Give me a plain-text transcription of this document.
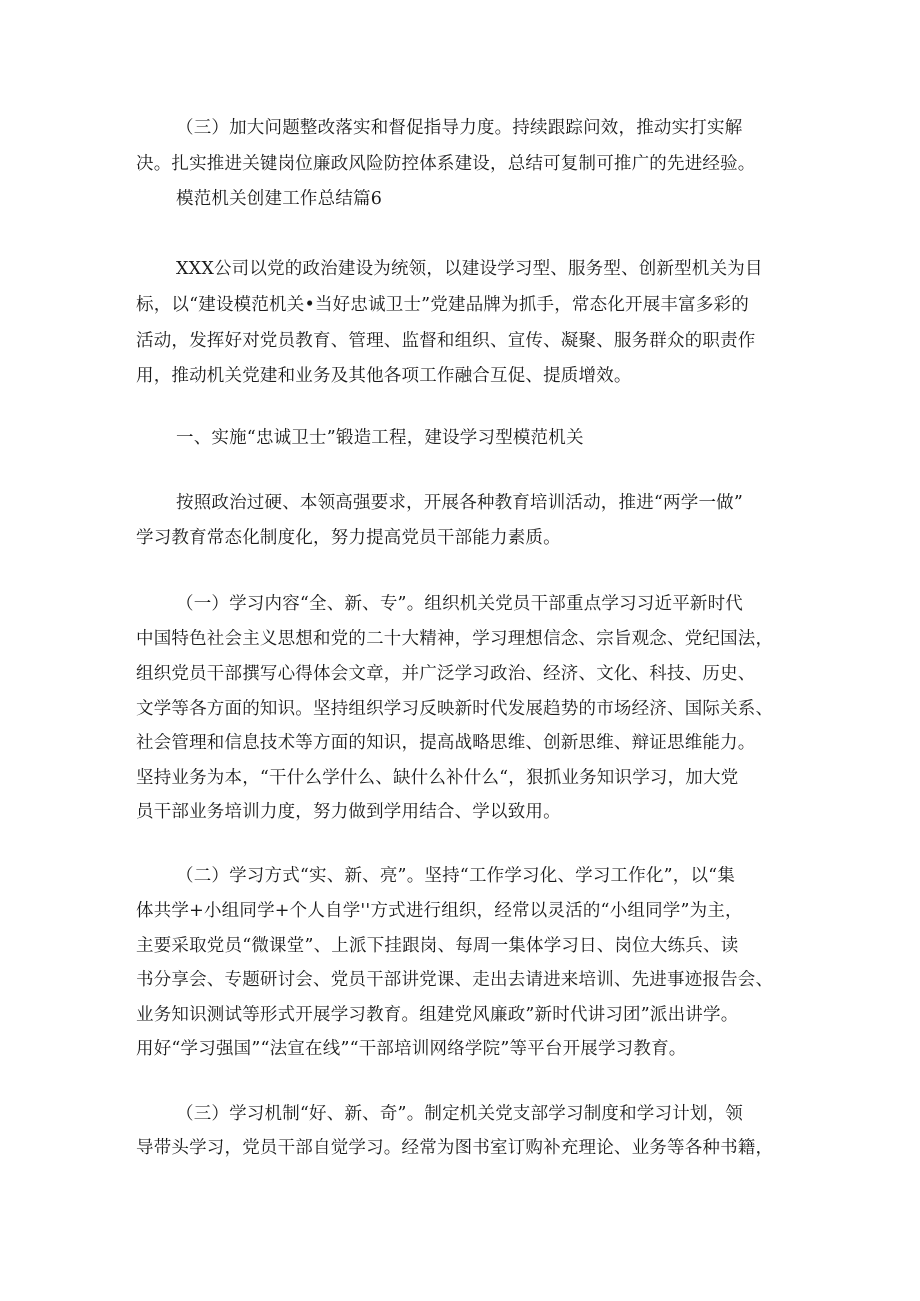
（三）加大问题整改落实和督促指导力度。持续跟踪问效，推动实打实解
决。扎实推进关键岗位廉政风险防控体系建设，总结可复制可推广的先进经验。
模范机关创建工作总结篇6
XXX公司以党的政治建设为统领，以建设学习型、服务型、创新型机关为目
标，以“建设模范机关•当好忠诚卫士”党建品牌为抓手，常态化开展丰富多彩的
活动，发挥好对党员教育、管理、监督和组织、宣传、凝聚、服务群众的职责作
用，推动机关党建和业务及其他各项工作融合互促、提质增效。
一、实施“忠诚卫士”锻造工程，建设学习型模范机关
按照政治过硬、本领高强要求，开展各种教育培训活动，推进“两学一做”
学习教育常态化制度化，努力提高党员干部能力素质。
（一）学习内容“全、新、专”。组织机关党员干部重点学习习近平新时代
中国特色社会主义思想和党的二十大精神，学习理想信念、宗旨观念、党纪国法，
组织党员干部撰写心得体会文章，并广泛学习政治、经济、文化、科技、历史、
文学等各方面的知识。坚持组织学习反映新时代发展趋势的市场经济、国际关系、
社会管理和信息技术等方面的知识，提高战略思维、创新思维、辩证思维能力。
坚持业务为本，“干什么学什么、缺什么补什么“，狠抓业务知识学习，加大党
员干部业务培训力度，努力做到学用结合、学以致用。
（二）学习方式“实、新、亮”。坚持“工作学习化、学习工作化”，以“集
体共学+小组同学+个人自学''方式进行组织，经常以灵活的“小组同学”为主，
主要采取党员“微课堂”、上派下挂跟岗、每周一集体学习日、岗位大练兵、读
书分享会、专题研讨会、党员干部讲党课、走出去请进来培训、先进事迹报告会、
业务知识测试等形式开展学习教育。组建党风廉政”新时代讲习团”派出讲学。
用好“学习强国”“法宣在线”“干部培训网络学院”等平台开展学习教育。
（三）学习机制“好、新、奇”。制定机关党支部学习制度和学习计划，领
导带头学习，党员干部自觉学习。经常为图书室订购补充理论、业务等各种书籍，
